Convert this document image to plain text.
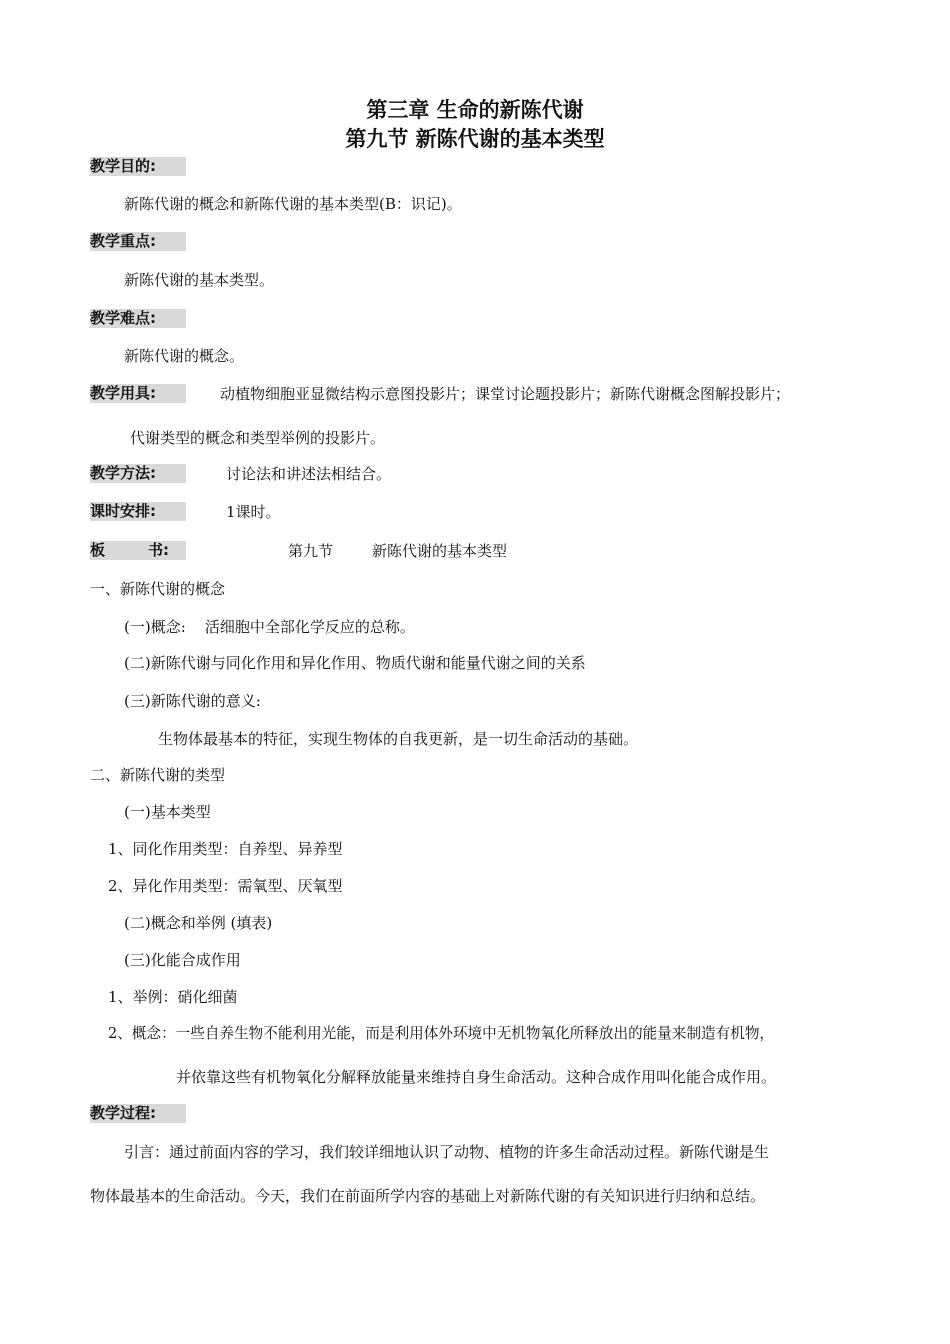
第三章 生命的新陈代谢
第九节 新陈代谢的基本类型
教学目的:
新陈代谢的概念和新陈代谢的基本类型(B：识记)。
教学重点:
新陈代谢的基本类型。
教学难点:
新陈代谢的概念。
教学用具:	动植物细胞亚显微结构示意图投影片；课堂讨论题投影片；新陈代谢概念图解投影片；
代谢类型的概念和类型举例的投影片。
教学方法:	讨论法和讲述法相结合。
课时安排:	1课时。
板	书:	第九节	新陈代谢的基本类型
一、新陈代谢的概念
(一)概念:    活细胞中全部化学反应的总称。
(二)新陈代谢与同化作用和异化作用、物质代谢和能量代谢之间的关系
(三)新陈代谢的意义:
生物体最基本的特征，实现生物体的自我更新，是一切生命活动的基础。
二、新陈代谢的类型
(一)基本类型
1、同化作用类型：自养型、异养型
2、异化作用类型：需氧型、厌氧型
(二)概念和举例 (填表)
(三)化能合成作用
1、举例：硝化细菌
2、概念：一些自养生物不能利用光能，而是利用体外环境中无机物氧化所释放出的能量来制造有机物，
并依靠这些有机物氧化分解释放能量来维持自身生命活动。这种合成作用叫化能合成作用。
教学过程:
引言：通过前面内容的学习，我们较详细地认识了动物、植物的许多生命活动过程。新陈代谢是生
物体最基本的生命活动。今天，我们在前面所学内容的基础上对新陈代谢的有关知识进行归纳和总结。
